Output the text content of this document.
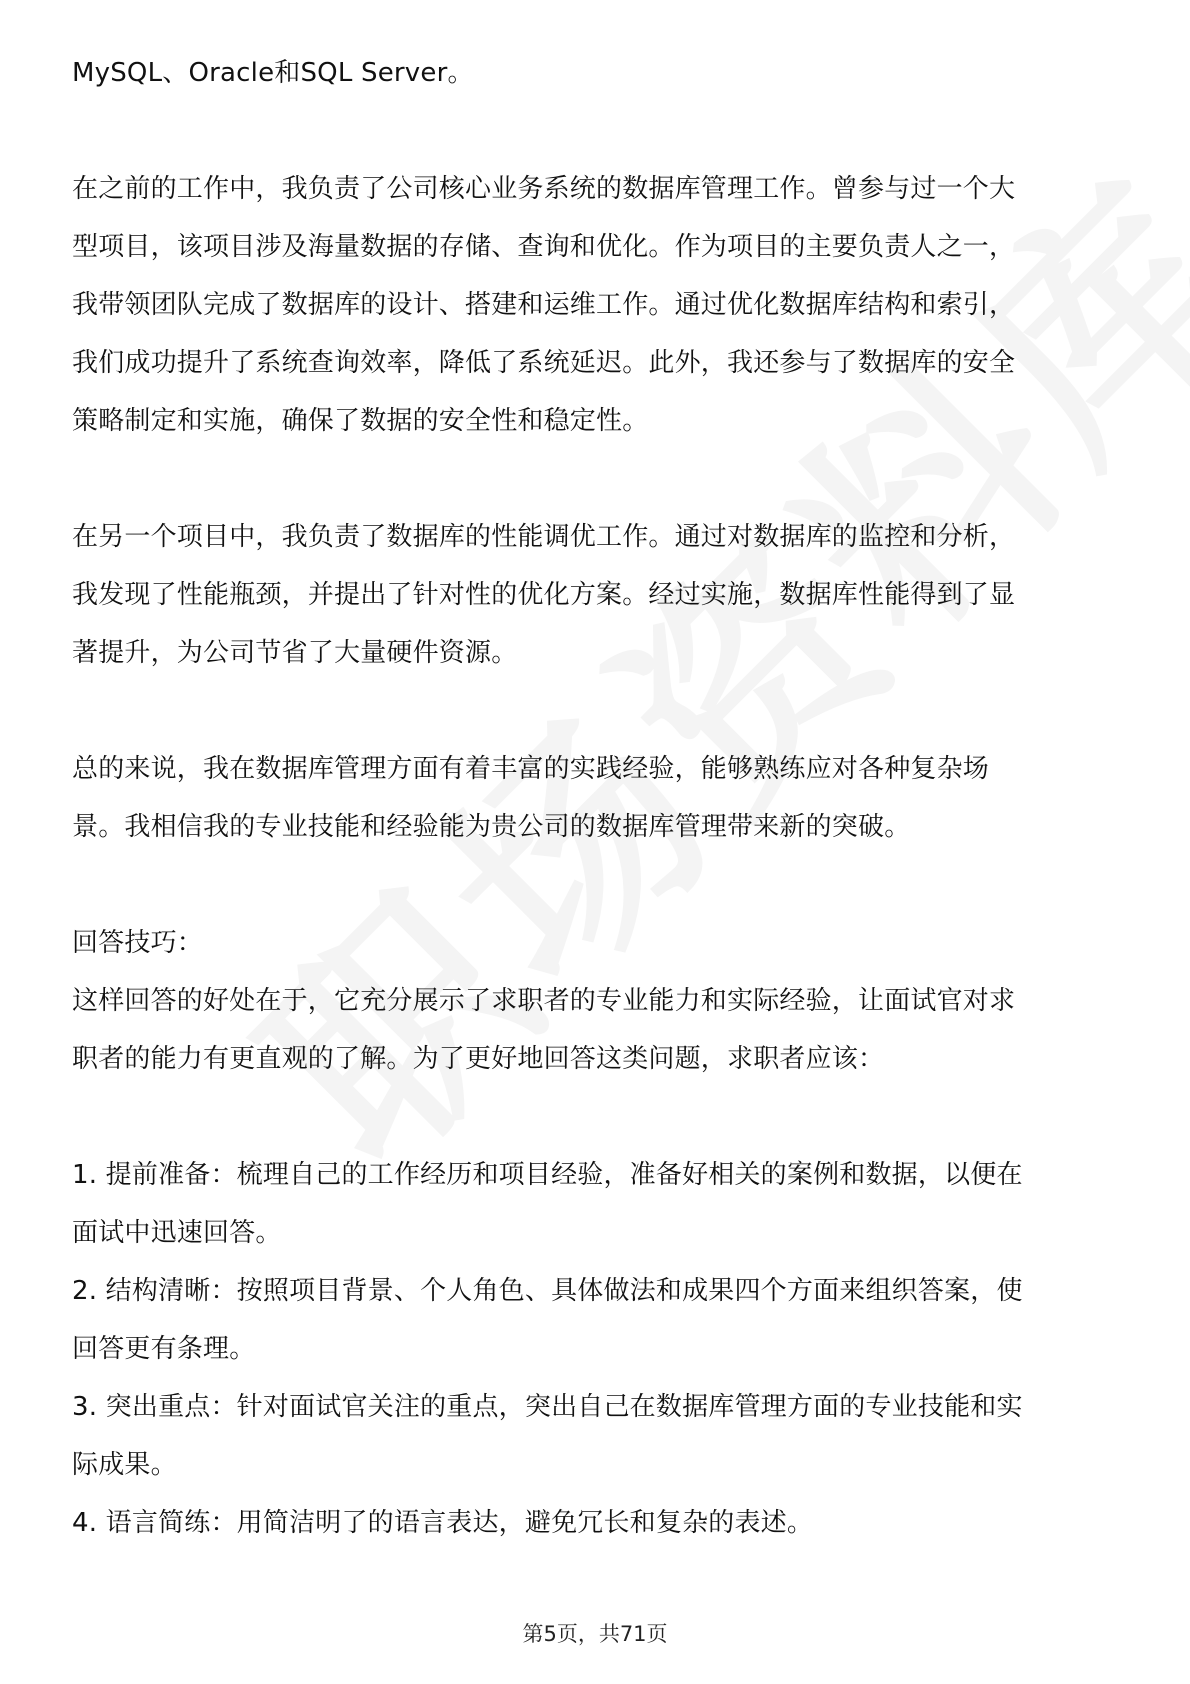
MySQL、Oracle和SQL Server。
在之前的工作中，我负责了公司核心业务系统的数据库管理工作。曾参与过一个大
型项目，该项目涉及海量数据的存储、查询和优化。作为项目的主要负责人之一，
我带领团队完成了数据库的设计、搭建和运维工作。通过优化数据库结构和索引，
我们成功提升了系统查询效率，降低了系统延迟。此外，我还参与了数据库的安全
策略制定和实施，确保了数据的安全性和稳定性。
在另一个项目中，我负责了数据库的性能调优工作。通过对数据库的监控和分析，
我发现了性能瓶颈，并提出了针对性的优化方案。经过实施，数据库性能得到了显
著提升，为公司节省了大量硬件资源。
总的来说，我在数据库管理方面有着丰富的实践经验，能够熟练应对各种复杂场
景。我相信我的专业技能和经验能为贵公司的数据库管理带来新的突破。
回答技巧：
这样回答的好处在于，它充分展示了求职者的专业能力和实际经验，让面试官对求
职者的能力有更直观的了解。为了更好地回答这类问题，求职者应该：
1. 提前准备：梳理自己的工作经历和项目经验，准备好相关的案例和数据，以便在
面试中迅速回答。
2. 结构清晰：按照项目背景、个人角色、具体做法和成果四个方面来组织答案，使
回答更有条理。
3. 突出重点：针对面试官关注的重点，突出自己在数据库管理方面的专业技能和实
际成果。
4. 语言简练：用简洁明了的语言表达，避免冗长和复杂的表述。
第5页，共71页
